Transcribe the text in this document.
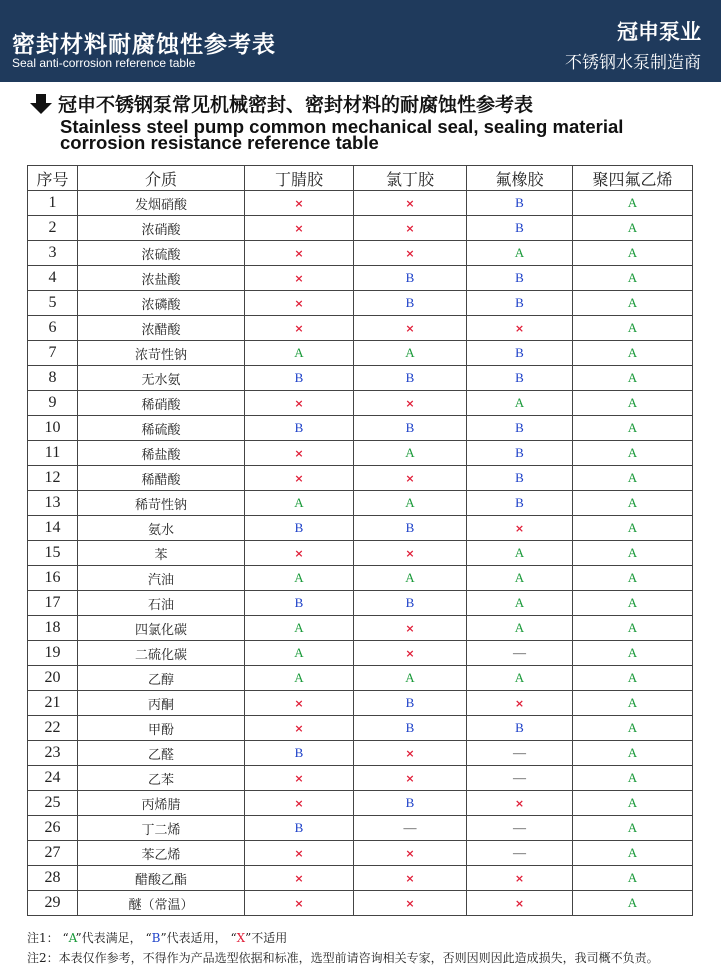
密封材料耐腐蚀性参考表
Seal anti-corrosion reference table
冠申泵业
不锈钢水泵制造商
冠申不锈钢泵常见机械密封、密封材料的耐腐蚀性参考表
Stainless steel pump common mechanical seal, sealing material corrosion resistance reference table
序号	介质	丁腈胶	氯丁胶	氟橡胶	聚四氟乙烯
1	发烟硝酸	×	×	B	A
2	浓硝酸	×	×	B	A
3	浓硫酸	×	×	A	A
4	浓盐酸	×	B	B	A
5	浓磷酸	×	B	B	A
6	浓醋酸	×	×	×	A
7	浓苛性钠	A	A	B	A
8	无水氨	B	B	B	A
9	稀硝酸	×	×	A	A
10	稀硫酸	B	B	B	A
11	稀盐酸	×	A	B	A
12	稀醋酸	×	×	B	A
13	稀苛性钠	A	A	B	A
14	氨水	B	B	×	A
15	苯	×	×	A	A
16	汽油	A	A	A	A
17	石油	B	B	A	A
18	四氯化碳	A	×	A	A
19	二硫化碳	A	×	—	A
20	乙醇	A	A	A	A
21	丙酮	×	B	×	A
22	甲酚	×	B	B	A
23	乙醛	B	×	—	A
24	乙苯	×	×	—	A
25	丙烯腈	×	B	×	A
26	丁二烯	B	—	—	A
27	苯乙烯	×	×	—	A
28	醋酸乙酯	×	×	×	A
29	醚（常温）	×	×	×	A
注1： “A”代表满足， “B”代表适用， “X”不适用
注2：本表仅作参考，不得作为产品选型依据和标准，选型前请咨询相关专家，否则因则因此造成损失，我司概不负责。
